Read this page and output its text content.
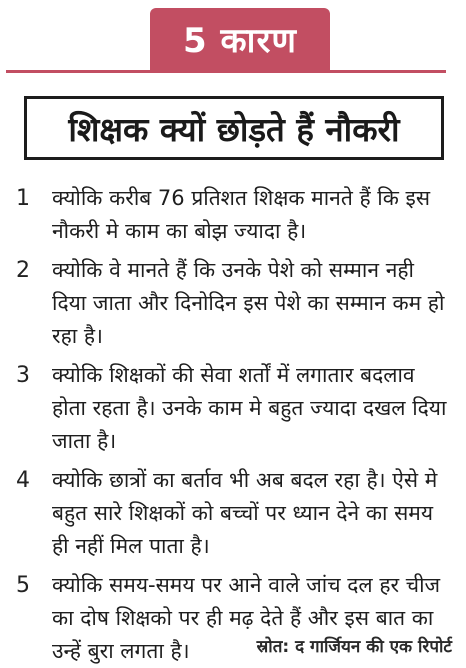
5 कारण
शिक्षक क्यों छोड़ते हैं नौकरी
1	क्योकि करीब 76 प्रतिशत शिक्षक मानते हैं कि इस नौकरी मे काम का बोझ ज्यादा है।
2	क्योकि वे मानते हैं कि उनके पेशे को सम्मान नही दिया जाता और दिनोदिन इस पेशे का सम्मान कम हो रहा है।
3	क्योकि शिक्षकों की सेवा शर्तों में लगातार बदलाव होता रहता है। उनके काम मे बहुत ज्यादा दखल दिया जाता है।
4	क्योकि छात्रों का बर्ताव भी अब बदल रहा है। ऐसे मे बहुत सारे शिक्षकों को बच्चों पर ध्यान देने का समय ही नहीं मिल पाता है।
5	क्योकि समय-समय पर आने वाले जांच दल हर चीज का दोष शिक्षको पर ही मढ़ देते हैं और इस बात का उन्हें बुरा लगता है।	स्रोत: द गार्जियन की एक रिपोर्ट
